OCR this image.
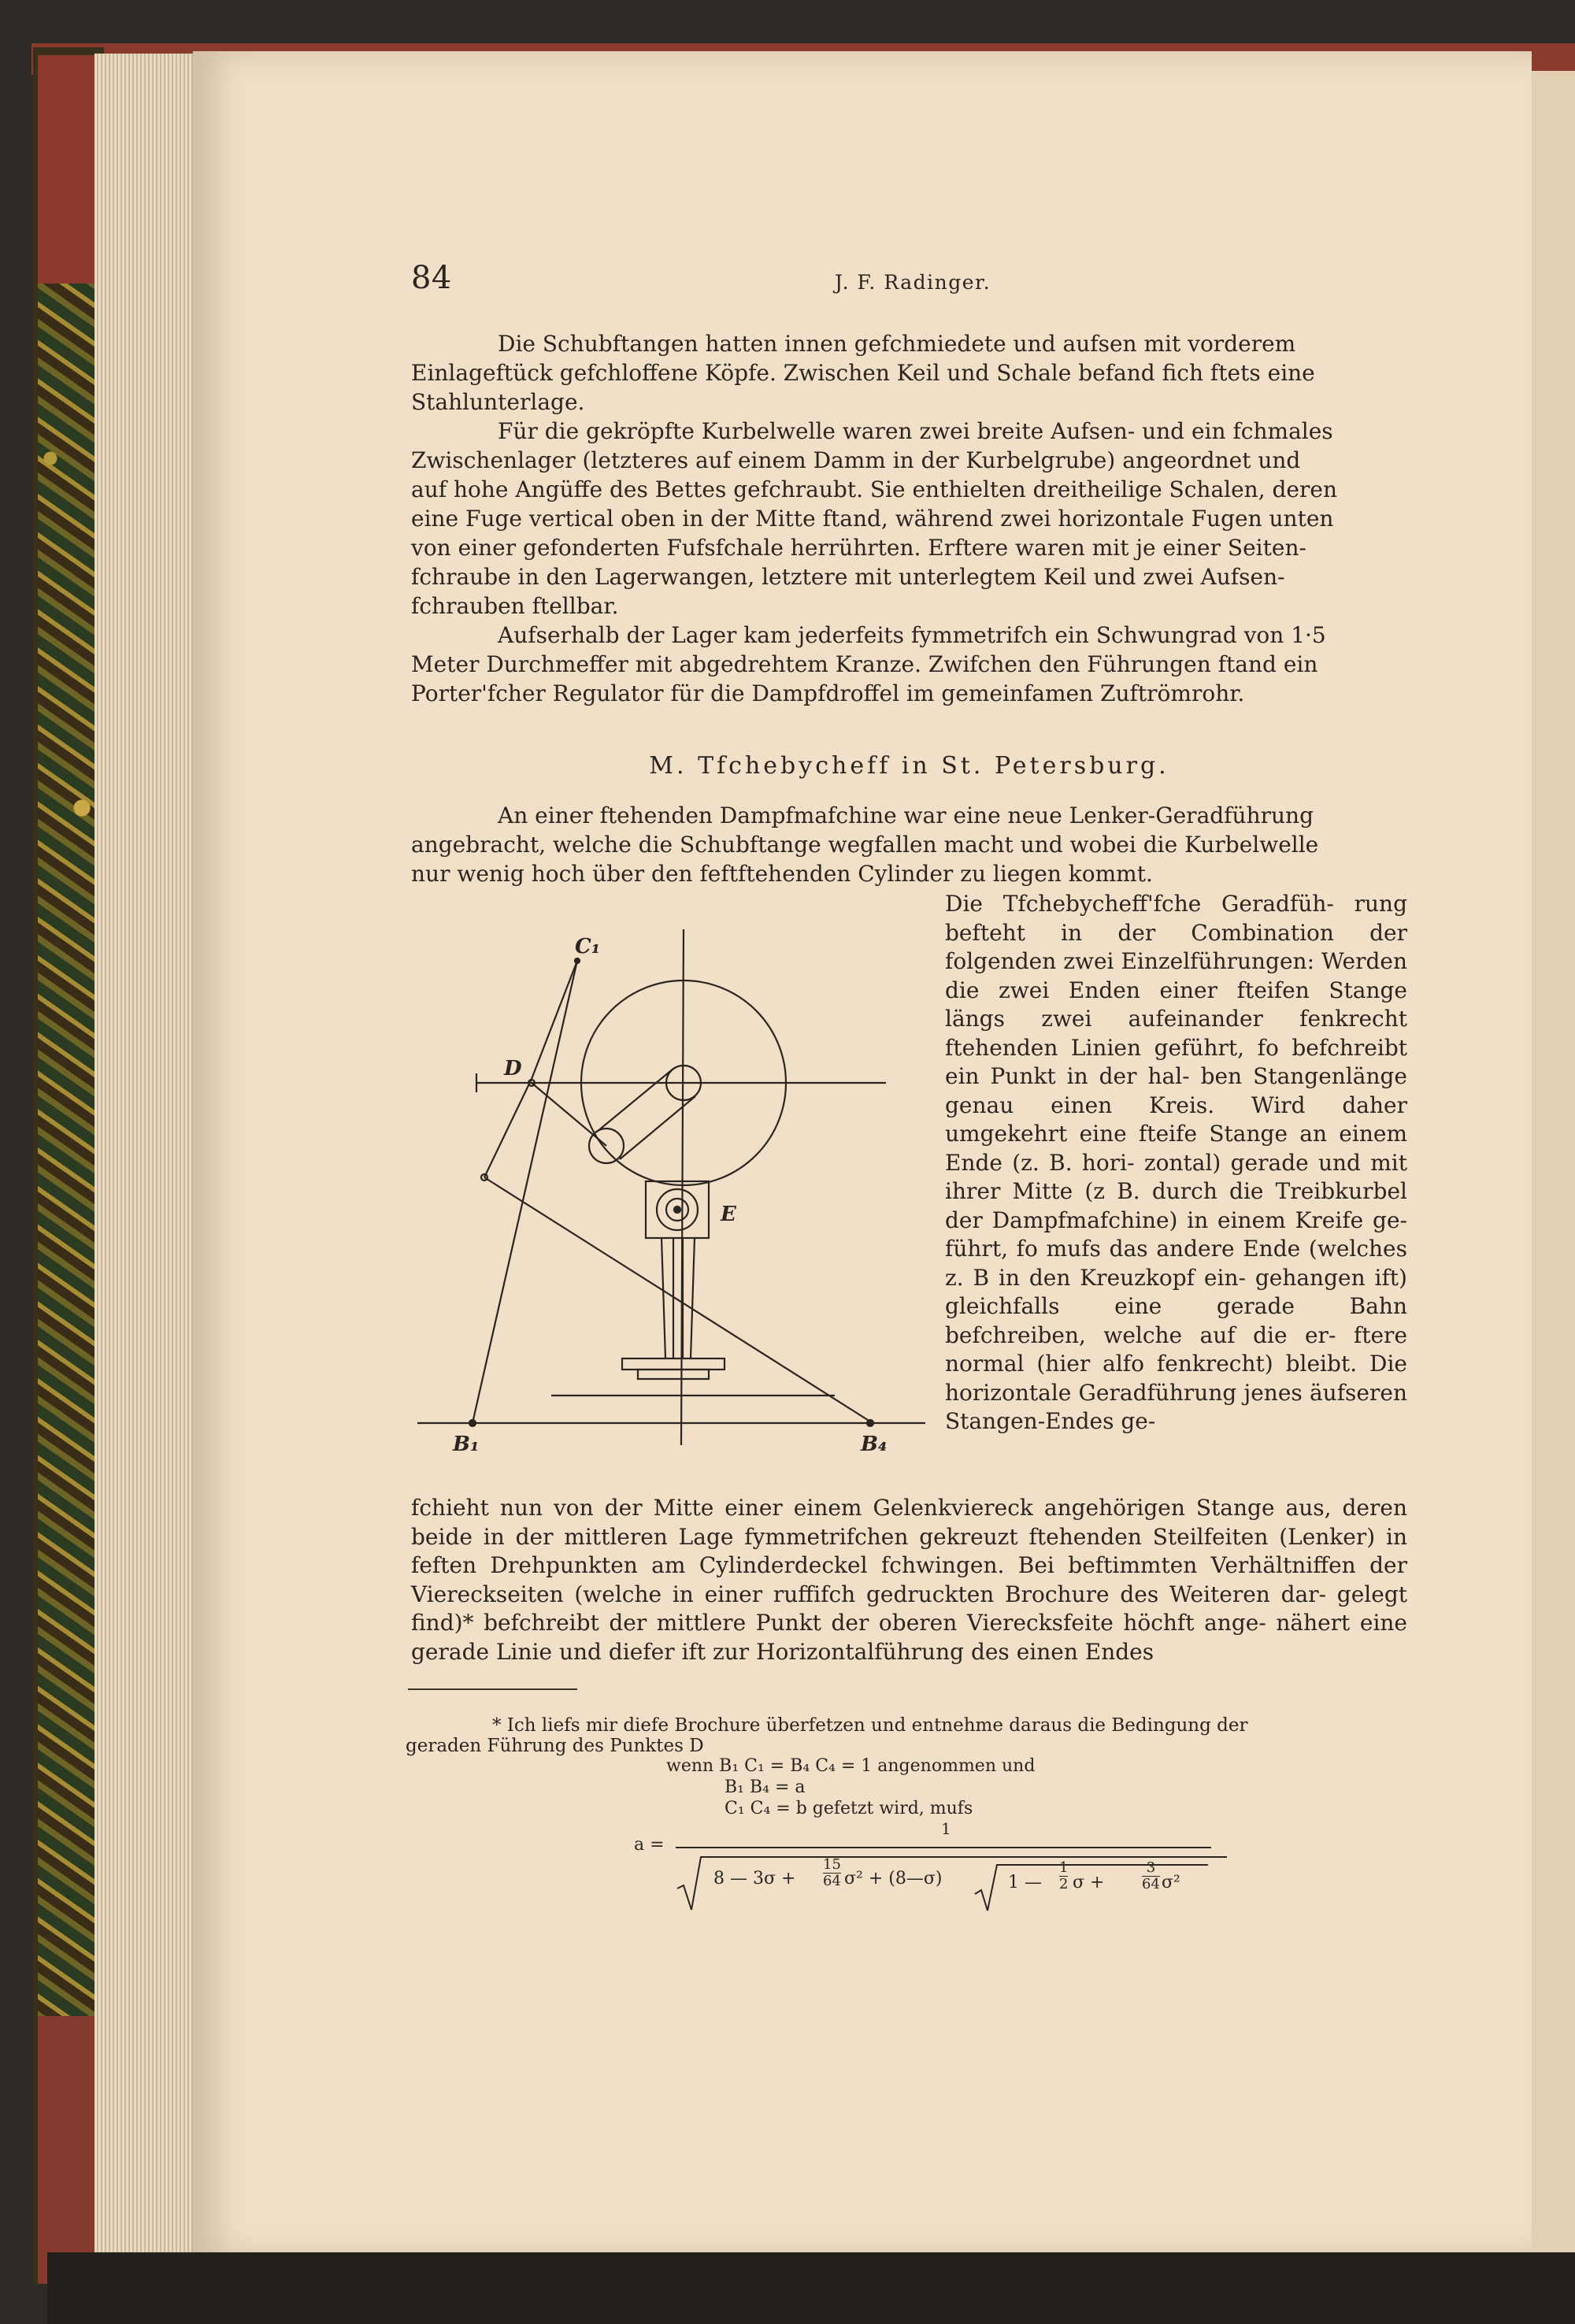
84	J. F. Radinger.
Die Schubftangen hatten innen gefchmiedete und aufsen mit vorderem
Einlageftück gefchloffene Köpfe. Zwischen Keil und Schale befand fich ftets eine
Stahlunterlage.
Für die gekröpfte Kurbelwelle waren zwei breite Aufsen- und ein fchmales
Zwischenlager (letzteres auf einem Damm in der Kurbelgrube) angeordnet und
auf hohe Angüffe des Bettes gefchraubt. Sie enthielten dreitheilige Schalen, deren
eine Fuge vertical oben in der Mitte ftand, während zwei horizontale Fugen unten
von einer gefonderten Fufsfchale herrührten. Erftere waren mit je einer Seiten-
fchraube in den Lagerwangen, letztere mit unterlegtem Keil und zwei Aufsen-
fchrauben ftellbar.
Aufserhalb der Lager kam jederfeits fymmetrifch ein Schwungrad von 1·5
Meter Durchmeffer mit abgedrehtem Kranze. Zwifchen den Führungen ftand ein
Porter'fcher Regulator für die Dampfdroffel im gemeinfamen Zuftrömrohr.
M. Tfchebycheff in St. Petersburg.
An einer ftehenden Dampfmafchine war eine neue Lenker-Geradführung
angebracht, welche die Schubftange wegfallen macht und wobei die Kurbelwelle
nur wenig hoch über den feftftehenden Cylinder zu liegen kommt.
Die Tfchebycheff'fche Geradfüh- rung befteht in der Combination der folgenden zwei Einzelführungen: Werden die zwei Enden einer fteifen Stange längs zwei aufeinander fenkrecht ftehenden Linien geführt, fo befchreibt ein Punkt in der hal- ben Stangenlänge genau einen Kreis. Wird daher umgekehrt eine fteife Stange an einem Ende (z. B. hori- zontal) gerade und mit ihrer Mitte (z B. durch die Treibkurbel der Dampfmafchine) in einem Kreife ge- führt, fo mufs das andere Ende (welches z. B in den Kreuzkopf ein- gehangen ift) gleichfalls eine gerade Bahn befchreiben, welche auf die er- ftere normal (hier alfo fenkrecht) bleibt. Die horizontale Geradführung jenes äufseren Stangen-Endes ge-
fchieht nun von der Mitte einer einem Gelenkviereck angehörigen Stange aus, deren beide in der mittleren Lage fymmetrifchen gekreuzt ftehenden Steilfeiten (Lenker) in feften Drehpunkten am Cylinderdeckel fchwingen. Bei beftimmten Verhältniffen der Viereckseiten (welche in einer ruffifch gedruckten Brochure des Weiteren dar- gelegt find)* befchreibt der mittlere Punkt der oberen Vierecksfeite höchft ange- nähert eine gerade Linie und diefer ift zur Horizontalführung des einen Endes
C₁
D
E
B₁	B₄
* Ich liefs mir diefe Brochure überfetzen und entnehme daraus die Bedingung der
geraden Führung des Punktes D
wenn B₁ C₁ = B₄ C₄ = 1 angenommen und
B₁ B₄ = a
C₁ C₄ = b gefetzt wird, mufs
a =
1
8 — $3\sigma + \frac{15}{64} \sigma^2$ + (8—σ)	1 — $\frac{1}{2}$ σ +	$\frac{3}{64} \sigma^2$
